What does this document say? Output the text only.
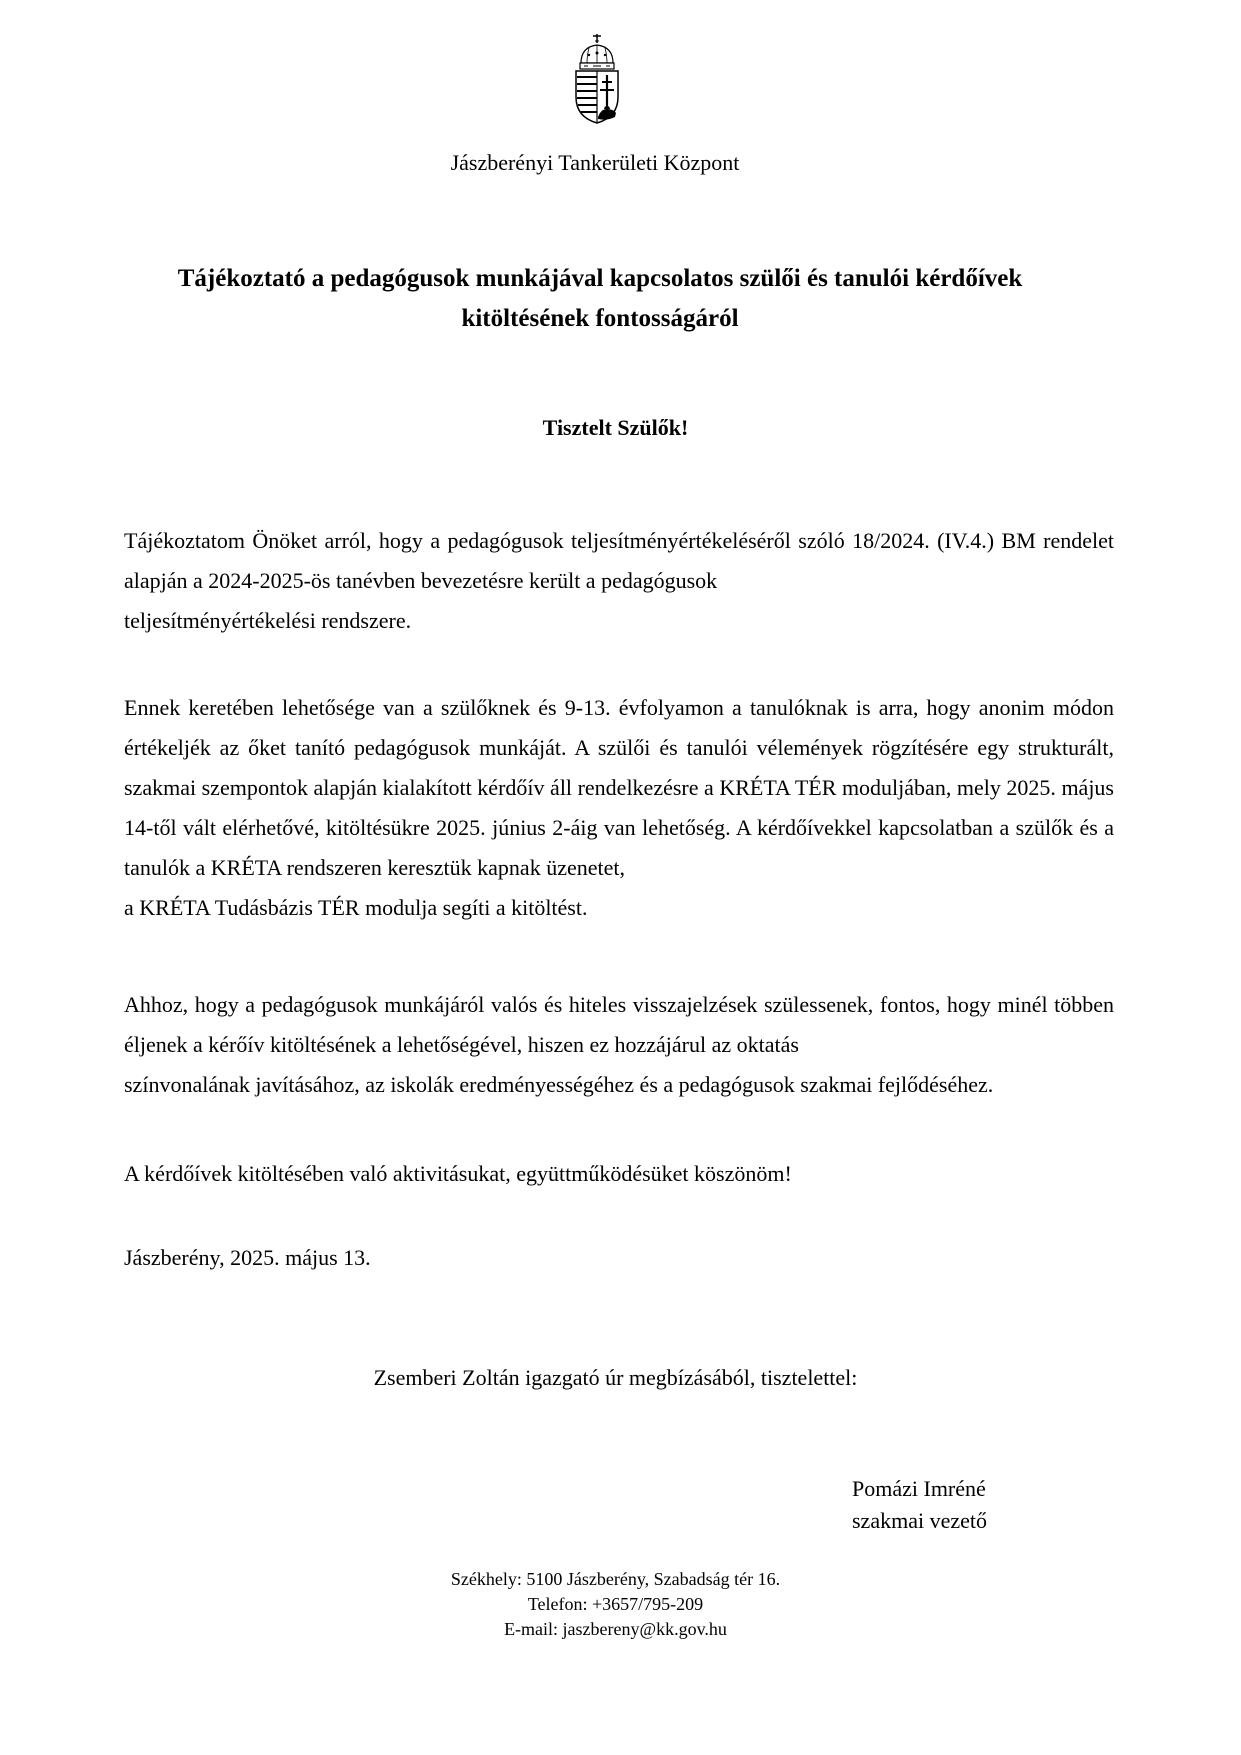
Jászberényi Tankerületi Központ
Tájékoztató a pedagógusok munkájával kapcsolatos szülői és tanulói kérdőívek
kitöltésének fontosságáról
Tisztelt Szülők!

Tájékoztatom Önöket arról, hogy a pedagógusok teljesítményértékeléséről szóló 18/2024. (IV.4.) BM rendelet alapján a 2024-2025-ös tanévben bevezetésre került a pedagógusok
teljesítményértékelési rendszere.

Ennek keretében lehetősége van a szülőknek és 9-13. évfolyamon a tanulóknak is arra, hogy anonim módon értékeljék az őket tanító pedagógusok munkáját. A szülői és tanulói vélemények rögzítésére egy strukturált, szakmai szempontok alapján kialakított kérdőív áll rendelkezésre a KRÉTA TÉR moduljában, mely 2025. május 14-től vált elérhetővé, kitöltésükre 2025. június 2-áig van lehetőség. A kérdőívekkel kapcsolatban a szülők és a tanulók a KRÉTA rendszeren keresztük kapnak üzenetet,
a KRÉTA Tudásbázis TÉR modulja segíti a kitöltést.

Ahhoz, hogy a pedagógusok munkájáról valós és hiteles visszajelzések szülessenek, fontos, hogy minél többen éljenek a kérőív kitöltésének a lehetőségével, hiszen ez hozzájárul az oktatás
színvonalának javításához, az iskolák eredményességéhez és a pedagógusok szakmai fejlődéséhez.

A kérdőívek kitöltésében való aktivitásukat, együttműködésüket köszönöm!

Jászberény, 2025. május 13.

Zsemberi Zoltán igazgató úr megbízásából, tisztelettel:
Pomázi Imréné
szakmai vezető
Székhely: 5100 Jászberény, Szabadság tér 16.
Telefon: +3657/795-209
E-mail: jaszbereny@kk.gov.hu
